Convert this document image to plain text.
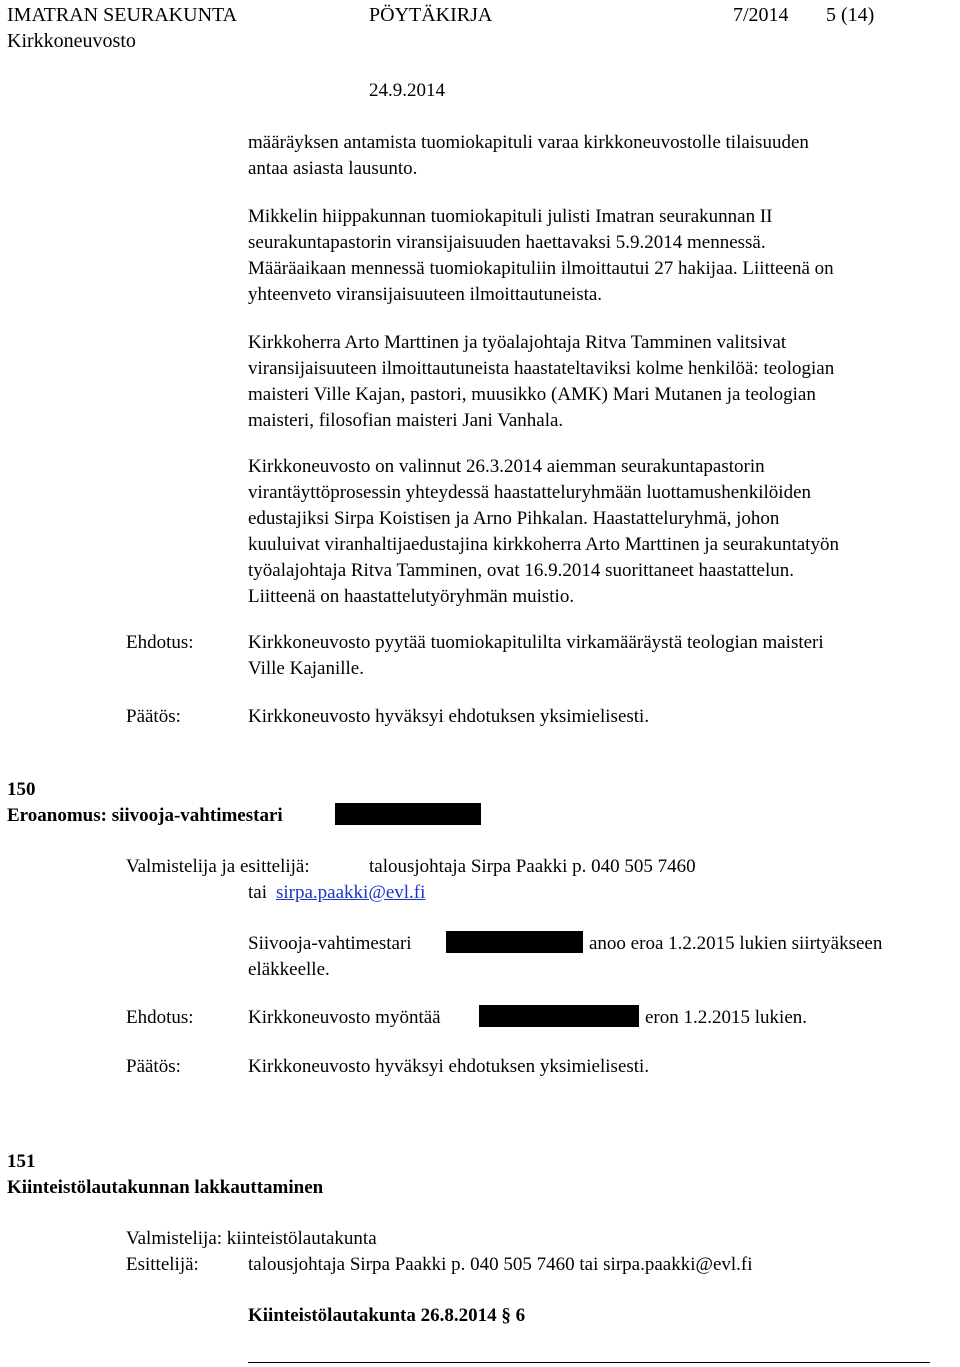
IMATRAN SEURAKUNTA	PÖYTÄKIRJA	7/2014 5 (14)
Kirkkoneuvosto
24.9.2014
määräyksen antamista tuomiokapituli varaa kirkkoneuvostolle tilaisuuden
antaa asiasta lausunto.
Mikkelin hiippakunnan tuomiokapituli julisti Imatran seurakunnan II
seurakuntapastorin viransijaisuuden haettavaksi 5.9.2014 mennessä.
Määräaikaan mennessä tuomiokapituliin ilmoittautui 27 hakijaa. Liitteenä on
yhteenveto viransijaisuuteen ilmoittautuneista.
Kirkkoherra Arto Marttinen ja työalajohtaja Ritva Tamminen valitsivat
viransijaisuuteen ilmoittautuneista haastateltaviksi kolme henkilöä: teologian
maisteri Ville Kajan, pastori, muusikko (AMK) Mari Mutanen ja teologian
maisteri, filosofian maisteri Jani Vanhala.
Kirkkoneuvosto on valinnut 26.3.2014 aiemman seurakuntapastorin
virantäyttöprosessin yhteydessä haastatteluryhmään luottamushenkilöiden
edustajiksi Sirpa Koistisen ja Arno Pihkalan. Haastatteluryhmä, johon
kuuluivat viranhaltijaedustajina kirkkoherra Arto Marttinen ja seurakuntatyön
työalajohtaja Ritva Tamminen, ovat 16.9.2014 suorittaneet haastattelun.
Liitteenä on haastattelutyöryhmän muistio.
Ehdotus:	Kirkkoneuvosto pyytää tuomiokapitulilta virkamääräystä teologian maisteri
Ville Kajanille.
Päätös:	Kirkkoneuvosto hyväksyi ehdotuksen yksimielisesti.
150
Eroanomus: siivooja-vahtimestari
Valmistelija ja esittelijä:	talousjohtaja Sirpa Paakki p. 040 505 7460
tai sirpa.paakki@evl.fi
Siivooja-vahtimestari	anoo eroa 1.2.2015 lukien siirtyäkseen
eläkkeelle.
Ehdotus:	Kirkkoneuvosto myöntää	eron 1.2.2015 lukien.
Päätös:	Kirkkoneuvosto hyväksyi ehdotuksen yksimielisesti.
151
Kiinteistölautakunnan lakkauttaminen
Valmistelija: kiinteistölautakunta
Esittelijä:	talousjohtaja Sirpa Paakki p. 040 505 7460 tai sirpa.paakki@evl.fi
Kiinteistölautakunta 26.8.2014 § 6
